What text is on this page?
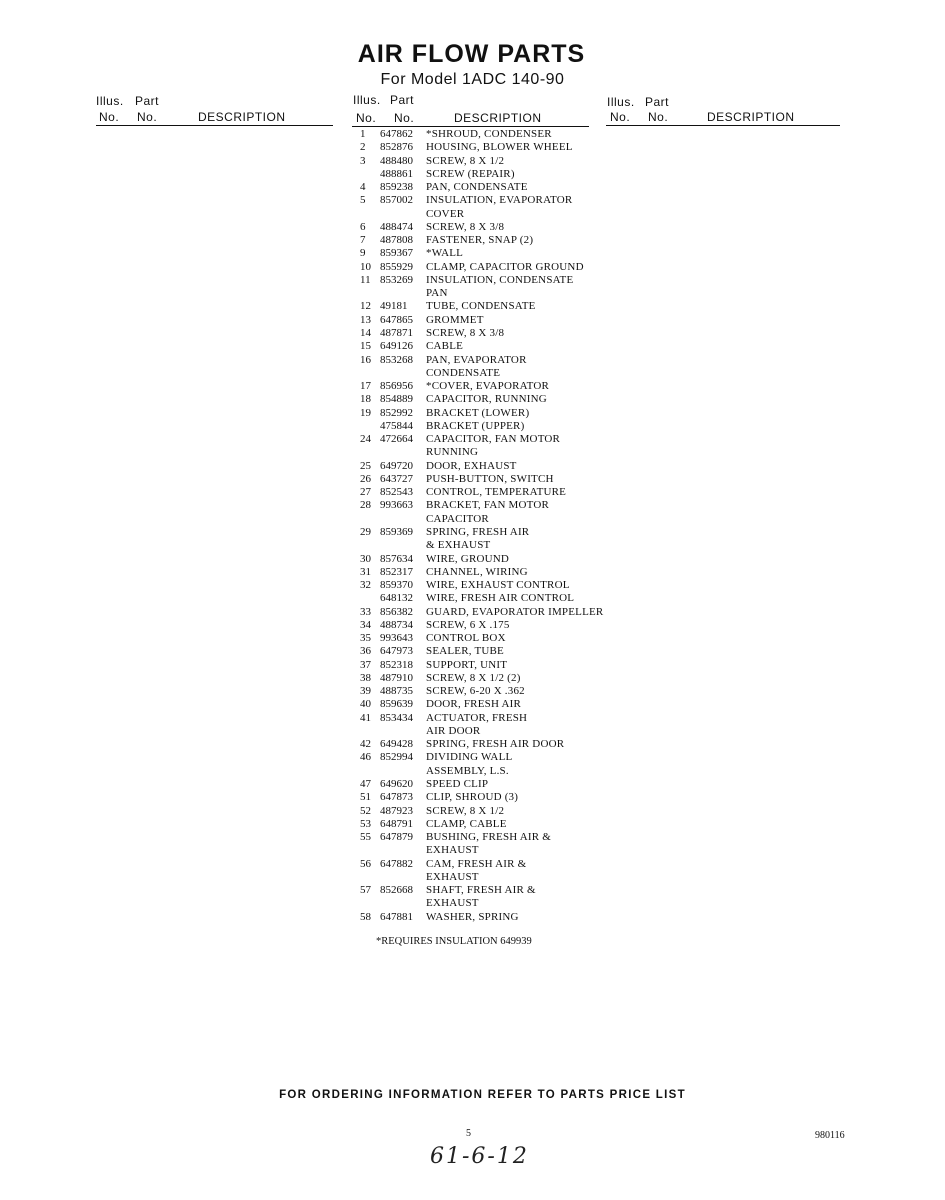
AIR FLOW PARTS
For Model 1ADC 140-90
Illus. Part
No. No.	DESCRIPTION
Illus. Part
No. No.	DESCRIPTION
Illus. Part
No. No.	DESCRIPTION
1	647862	*SHROUD, CONDENSER
2	852876	HOUSING, BLOWER WHEEL
3	488480	SCREW, 8 X 1/2
488861	SCREW (REPAIR)
4	859238	PAN, CONDENSATE
5	857002	INSULATION, EVAPORATOR
COVER
6	488474	SCREW, 8 X 3/8
7	487808	FASTENER, SNAP (2)
9	859367	*WALL
10 855929	CLAMP, CAPACITOR GROUND
11 853269	INSULATION, CONDENSATE
PAN
12 49181	TUBE, CONDENSATE
13 647865	GROMMET
14 487871	SCREW, 8 X 3/8
15 649126	CABLE
16 853268	PAN, EVAPORATOR
CONDENSATE
17 856956	*COVER, EVAPORATOR
18 854889	CAPACITOR, RUNNING
19 852992	BRACKET (LOWER)
475844	BRACKET (UPPER)
24 472664	CAPACITOR, FAN MOTOR
RUNNING
25 649720	DOOR, EXHAUST
26 643727	PUSH-BUTTON, SWITCH
27 852543	CONTROL, TEMPERATURE
28 993663	BRACKET, FAN MOTOR
CAPACITOR
29 859369	SPRING, FRESH AIR
& EXHAUST
30 857634	WIRE, GROUND
31 852317	CHANNEL, WIRING
32 859370	WIRE, EXHAUST CONTROL
648132	WIRE, FRESH AIR CONTROL
33 856382	GUARD, EVAPORATOR IMPELLER
34 488734	SCREW, 6 X .175
35 993643	CONTROL BOX
36 647973	SEALER, TUBE
37 852318	SUPPORT, UNIT
38 487910	SCREW, 8 X 1/2 (2)
39 488735	SCREW, 6-20 X .362
40 859639	DOOR, FRESH AIR
41 853434	ACTUATOR, FRESH
AIR DOOR
42 649428	SPRING, FRESH AIR DOOR
46 852994	DIVIDING WALL
ASSEMBLY, L.S.
47 649620	SPEED CLIP
51 647873	CLIP, SHROUD (3)
52 487923	SCREW, 8 X 1/2
53 648791	CLAMP, CABLE
55 647879	BUSHING, FRESH AIR &
EXHAUST
56 647882	CAM, FRESH AIR &
EXHAUST
57 852668	SHAFT, FRESH AIR &
EXHAUST
58 647881	WASHER, SPRING
*REQUIRES INSULATION 649939
FOR ORDERING INFORMATION REFER TO PARTS PRICE LIST
5	980116
61-6-12
